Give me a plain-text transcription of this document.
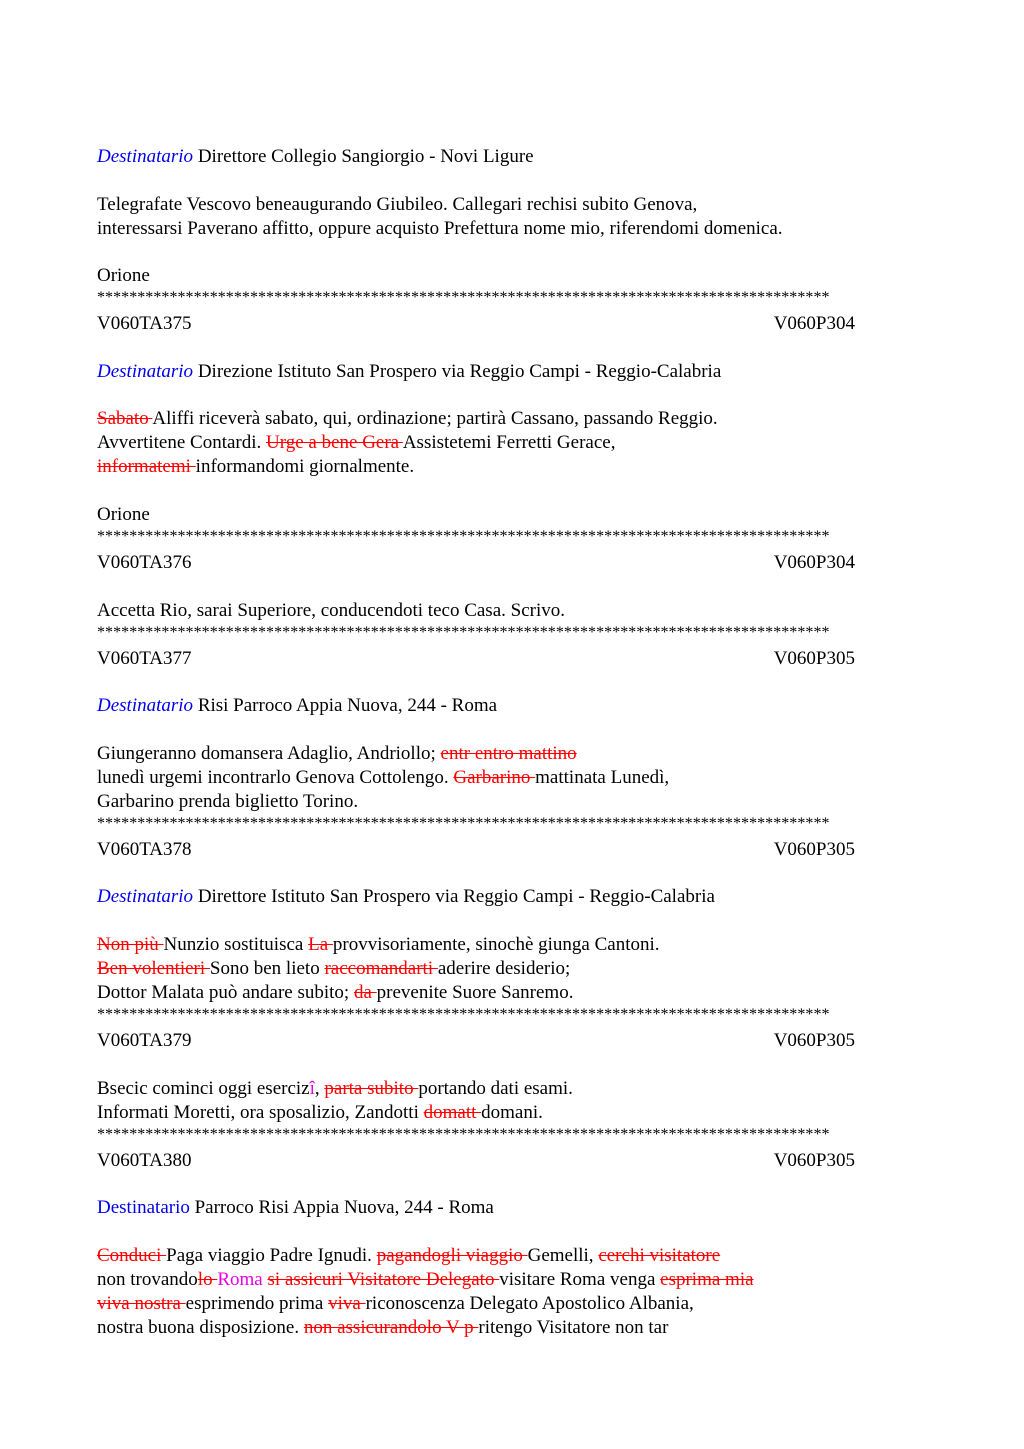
Destinatario Direttore Collegio Sangiorgio - Novi Ligure
Telegrafate Vescovo beneaugurando Giubileo. Callegari rechisi subito Genova,
interessarsi Paverano affitto, oppure acquisto Prefettura nome mio, riferendomi domenica.
Orione
*****
V060TA375	V060P304
Destinatario Direzione Istituto San Prospero via Reggio Campi - Reggio-Calabria
Sabato Aliffi riceverà sabato, qui, ordinazione; partirà Cassano, passando Reggio.
Avvertitene Contardi. Urge a bene Gera Assistetemi Ferretti Gerace,
informatemi informandomi giornalmente.
Orione
*****
V060TA376	V060P304
Accetta Rio, sarai Superiore, conducendoti teco Casa. Scrivo.
*****
V060TA377	V060P305
Destinatario Risi Parroco Appia Nuova, 244 - Roma
Giungeranno domansera Adaglio, Andriollo; entr entro mattino
lunedì urgemi incontrarlo Genova Cottolengo. Garbarino mattinata Lunedì,
Garbarino prenda biglietto Torino.
*****
V060TA378	V060P305
Destinatario Direttore Istituto San Prospero via Reggio Campi - Reggio-Calabria
Non più Nunzio sostituisca La provvisoriamente, sinochè giunga Cantoni.
Ben volentieri Sono ben lieto raccomandarti aderire desiderio;
Dottor Malata può andare subito; da prevenite Suore Sanremo.
*****
V060TA379	V060P305
Bsecic cominci oggi esercizî, parta subito portando dati esami.
Informati Moretti, ora sposalizio, Zandotti domatt domani.
*****
V060TA380	V060P305
Destinatario Parroco Risi Appia Nuova, 244 - Roma
Conduci Paga viaggio Padre Ignudi. pagandogli viaggio Gemelli, cerchi visitatore
non trovandolo Roma si assicuri Visitatore Delegato visitare Roma venga esprima mia
viva nostra esprimendo prima viva riconoscenza Delegato Apostolico Albania,
nostra buona disposizione. non assicurandolo V p ritengo Visitatore non tar
